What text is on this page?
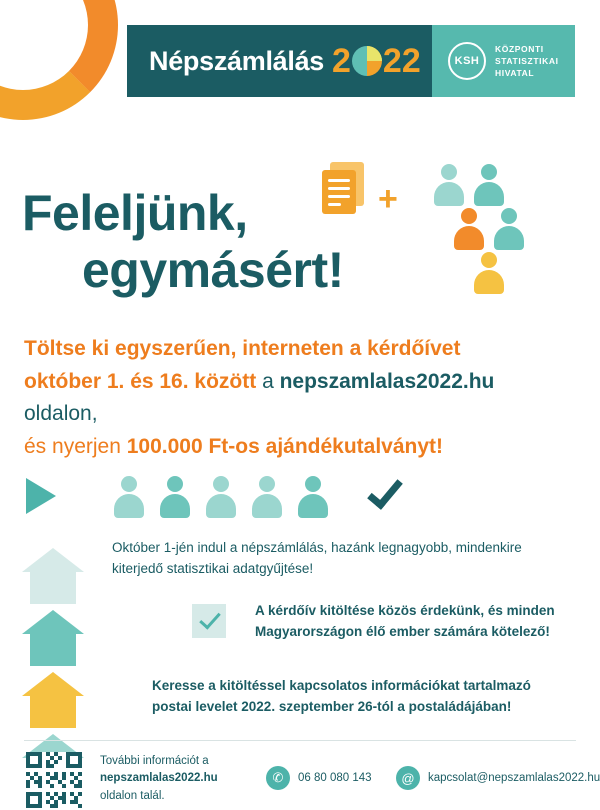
Népszámlálás 2 22	KSH
KÖZPONTI
STATISZTIKAI
HIVATAL
+
Feleljünk,
egymásért!
Töltse ki egyszerűen, interneten a kérdőívet
október 1. és 16. között a nepszamlalas2022.hu oldalon,
és nyerjen 100.000 Ft-os ajándékutalványt!
Október 1-jén indul a népszámlálás, hazánk legnagyobb, mindenkire kiterjedő statisztikai adatgyűjtése!
A kérdőív kitöltése közös érdekünk, és minden Magyarországon élő ember számára kötelező!
Keresse a kitöltéssel kapcsolatos információkat tartalmazó postai levelet 2022. szeptember 26-tól a postaládájában!
További információt a
nepszamlalas2022.hu
oldalon talál.
✆	06 80 080 143	@	kapcsolat@nepszamlalas2022.hu
